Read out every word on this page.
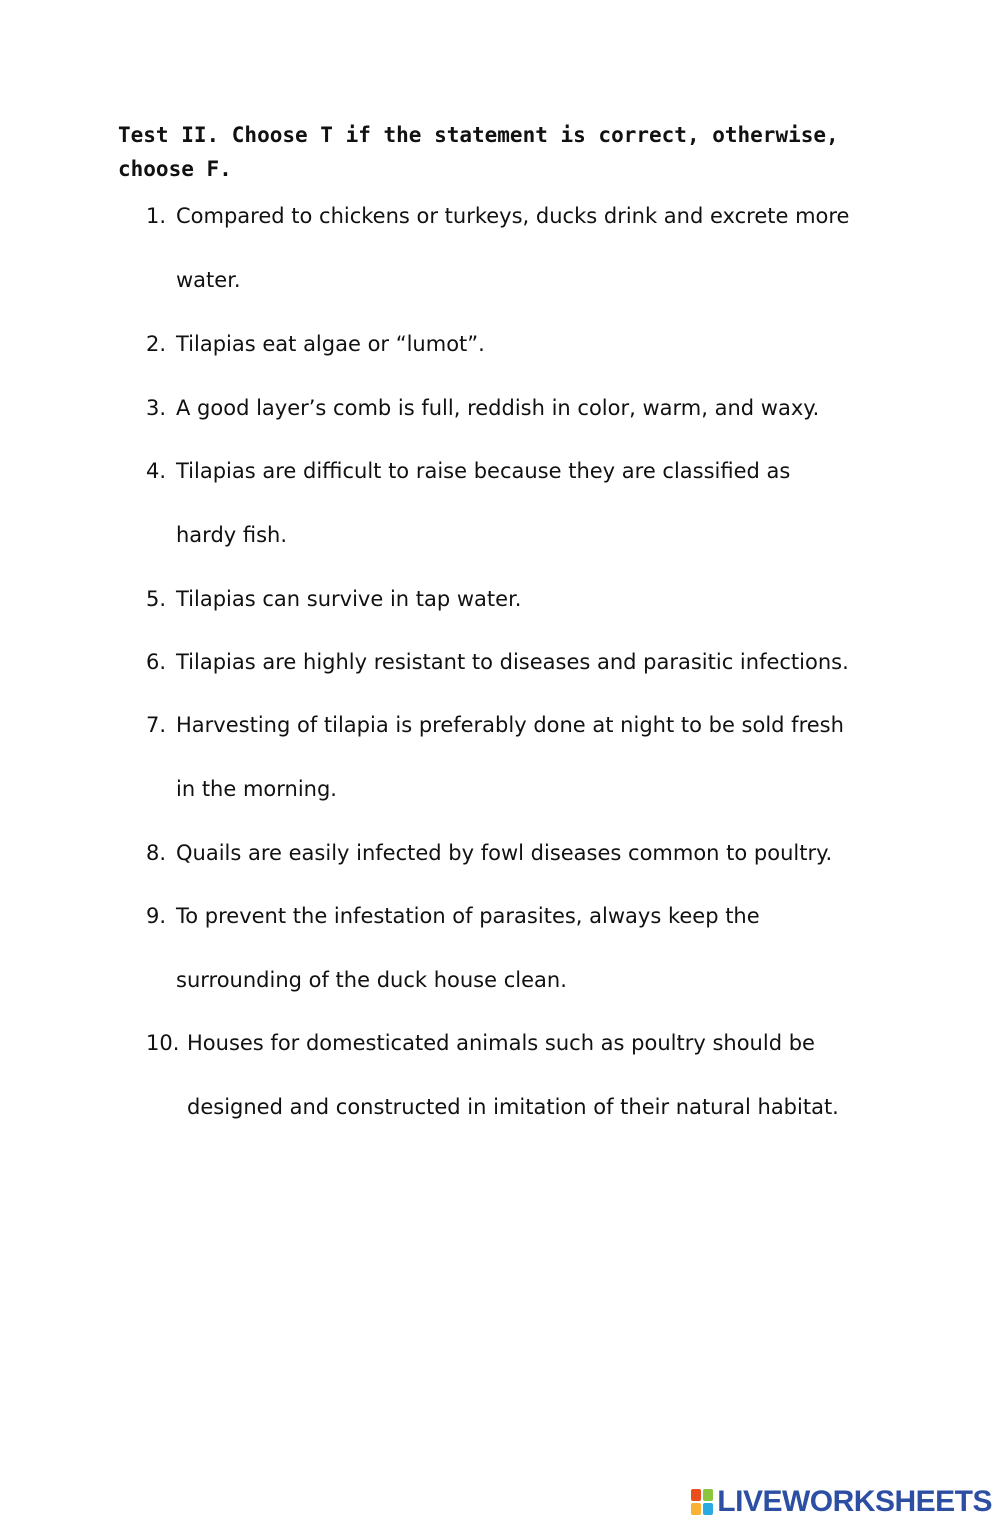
Test II. Choose T if the statement is correct, otherwise, choose F.

1. Compared to chickens or turkeys, ducks drink and excrete more
water.
2. Tilapias eat algae or “lumot”.
3. A good layer’s comb is full, reddish in color, warm, and waxy.
4. Tilapias are difficult to raise because they are classified as
hardy fish.
5. Tilapias can survive in tap water.
6. Tilapias are highly resistant to diseases and parasitic infections.
7. Harvesting of tilapia is preferably done at night to be sold fresh
in the morning.
8. Quails are easily infected by fowl diseases common to poultry.
9. To prevent the infestation of parasites, always keep the
surrounding of the duck house clean.
10. Houses for domesticated animals such as poultry should be
designed and constructed in imitation of their natural habitat.
LIVEWORKSHEETS
